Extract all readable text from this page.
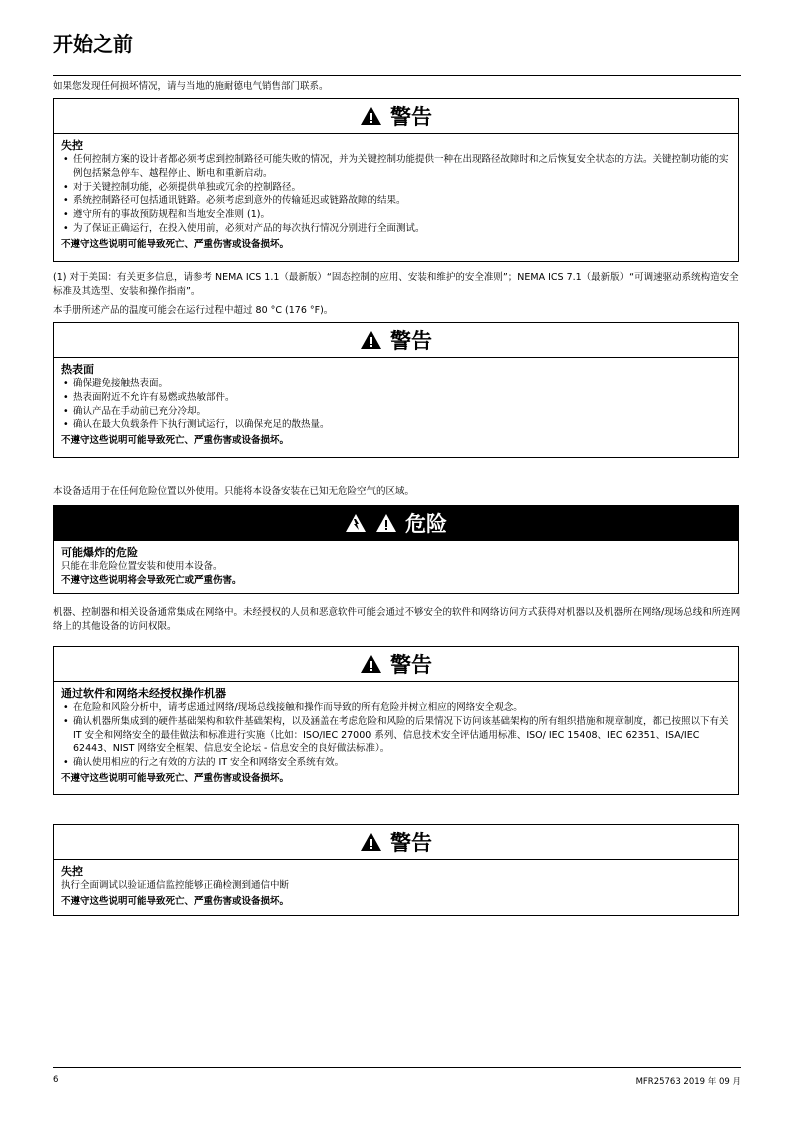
开始之前
如果您发现任何损坏情况，请与当地的施耐德电气销售部门联系。
警告
失控
• 任何控制方案的设计者都必须考虑到控制路径可能失败的情况，并为关键控制功能提供一种在出现路径故障时和之后恢复安全状态的方法。关键控制功能的实例包括紧急停车、越程停止、断电和重新启动。
• 对于关键控制功能，必须提供单独或冗余的控制路径。
• 系统控制路径可包括通讯链路。必须考虑到意外的传输延迟或链路故障的结果。
• 遵守所有的事故预防规程和当地安全准则 (1)。
• 为了保证正确运行，在投入使用前，必须对产品的每次执行情况分别进行全面测试。
不遵守这些说明可能导致死亡、严重伤害或设备损坏。
(1) 对于美国：有关更多信息，请参考 NEMA ICS 1.1（最新版）“固态控制的应用、安装和维护的安全准则”；NEMA ICS 7.1（最新版）“可调速驱动系统构造安全标准及其选型、安装和操作指南”。
本手册所述产品的温度可能会在运行过程中超过 80 °C (176 °F)。
警告
热表面
• 确保避免接触热表面。
• 热表面附近不允许有易燃或热敏部件。
• 确认产品在手动前已充分冷却。
• 确认在最大负载条件下执行测试运行，以确保充足的散热量。
不遵守这些说明可能导致死亡、严重伤害或设备损坏。
本设备适用于在任何危险位置以外使用。只能将本设备安装在已知无危险空气的区域。
危险
可能爆炸的危险
只能在非危险位置安装和使用本设备。
不遵守这些说明将会导致死亡或严重伤害。
机器、控制器和相关设备通常集成在网络中。未经授权的人员和恶意软件可能会通过不够安全的软件和网络访问方式获得对机器以及机器所在网络/现场总线和所连网络上的其他设备的访问权限。
警告
通过软件和网络未经授权操作机器
• 在危险和风险分析中，请考虑通过网络/现场总线接触和操作而导致的所有危险并树立相应的网络安全观念。
• 确认机器所集成到的硬件基础架构和软件基础架构，以及涵盖在考虑危险和风险的后果情况下访问该基础架构的所有组织措施和规章制度，都已按照以下有关 IT 安全和网络安全的最佳做法和标准进行实施（比如：ISO/IEC 27000 系列、信息技术安全评估通用标准、ISO/ IEC 15408、IEC 62351、ISA/IEC 62443、NIST 网络安全框架、信息安全论坛 - 信息安全的良好做法标准）。
• 确认使用相应的行之有效的方法的 IT 安全和网络安全系统有效。
不遵守这些说明可能导致死亡、严重伤害或设备损坏。
警告
失控
执行全面调试以验证通信监控能够正确检测到通信中断
不遵守这些说明可能导致死亡、严重伤害或设备损坏。
6	MFR25763 2019 年 09 月
